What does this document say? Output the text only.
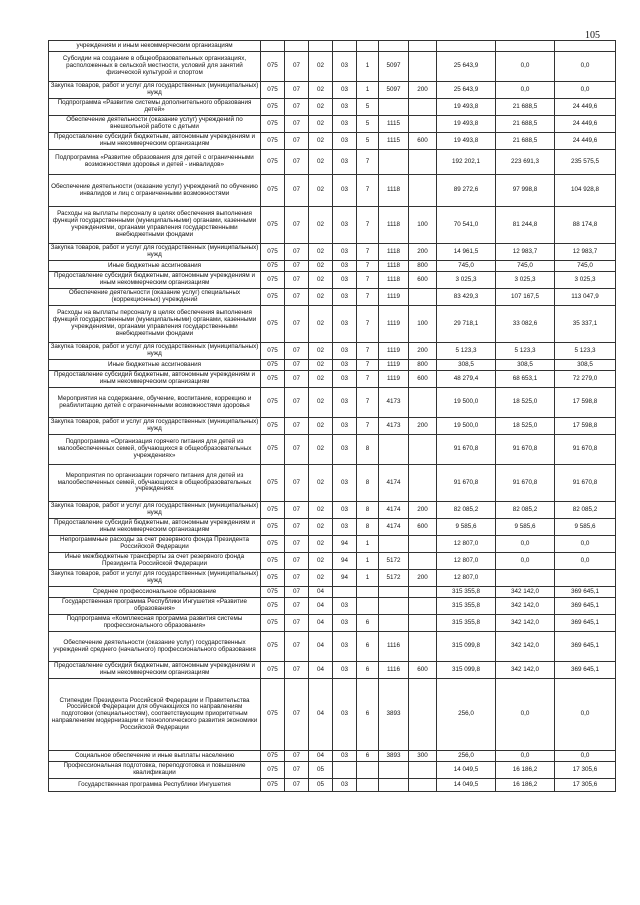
105
учреждениям и иным некоммерческим организациям										
Субсидии на создание в общеобразовательных организациях, расположенных в сельской местности, условий для занятий физической культурой и спортом	075	07	02	03	1	5097		25 643,9	0,0	0,0
Закупка товаров, работ и услуг для государственных (муниципальных) нужд	075	07	02	03	1	5097	200	25 643,9	0,0	0,0
Подпрограмма «Развитие системы дополнительного образования детей»	075	07	02	03	5			19 493,8	21 688,5	24 449,6
Обеспечение деятельности (оказание услуг) учреждений по внешкольной работе с детьми	075	07	02	03	5	1115		19 493,8	21 688,5	24 449,6
Предоставление субсидий бюджетным, автономным учреждениям и иным некоммерческим организациям	075	07	02	03	5	1115	600	19 493,8	21 688,5	24 449,6
Подпрограмма «Развитие образования для детей с ограниченными возможностями здоровья и детей - инвалидов»	075	07	02	03	7			192 202,1	223 691,3	235 575,5
Обеспечение деятельности (оказание услуг) учреждений по обучению инвалидов и лиц с ограниченными возможностями	075	07	02	03	7	1118		89 272,6	97 998,8	104 928,8
Расходы на выплаты персоналу в целях обеспечения выполнения функций государственными (муниципальными) органами, казенными учреждениями, органами управления государственными внебюджетными фондами	075	07	02	03	7	1118	100	70 541,0	81 244,8	88 174,8
Закупка товаров, работ и услуг для государственных (муниципальных) нужд	075	07	02	03	7	1118	200	14 961,5	12 983,7	12 983,7
Иные бюджетные ассигнования	075	07	02	03	7	1118	800	745,0	745,0	745,0
Предоставление субсидий бюджетным, автономным учреждениям и иным некоммерческим организациям	075	07	02	03	7	1118	600	3 025,3	3 025,3	3 025,3
Обеспечение деятельности (оказание услуг) специальных (коррекционных) учреждений	075	07	02	03	7	1119		83 429,3	107 167,5	113 047,9
Расходы на выплаты персоналу в целях обеспечения выполнения функций государственными (муниципальными) органами, казенными учреждениями, органами управления государственными внебюджетными фондами	075	07	02	03	7	1119	100	29 718,1	33 082,6	35 337,1
Закупка товаров, работ и услуг для государственных (муниципальных) нужд	075	07	02	03	7	1119	200	5 123,3	5 123,3	5 123,3
Иные бюджетные ассигнования	075	07	02	03	7	1119	800	308,5	308,5	308,5
Предоставление субсидий бюджетным, автономным учреждениям и иным некоммерческим организациям	075	07	02	03	7	1119	600	48 279,4	68 653,1	72 279,0
Мероприятия на содержание, обучение, воспитание, коррекцию и реабилитацию детей с ограниченными возможностями здоровья	075	07	02	03	7	4173		19 500,0	18 525,0	17 598,8
Закупка товаров, работ и услуг для государственных (муниципальных) нужд	075	07	02	03	7	4173	200	19 500,0	18 525,0	17 598,8
Подпрограмма «Организация горячего питания для детей из малообеспеченных семей, обучающихся в общеобразовательных учреждениях»	075	07	02	03	8			91 670,8	91 670,8	91 670,8
Мероприятия по организации горячего питания для детей из малообеспеченных семей, обучающихся в общеобразовательных учреждениях	075	07	02	03	8	4174		91 670,8	91 670,8	91 670,8
Закупка товаров, работ и услуг для государственных (муниципальных) нужд	075	07	02	03	8	4174	200	82 085,2	82 085,2	82 085,2
Предоставление субсидий бюджетным, автономным учреждениям и иным некоммерческим организациям	075	07	02	03	8	4174	600	9 585,6	9 585,6	9 585,6
Непрограммные расходы за счет резервного фонда Президента Российской Федерации	075	07	02	94	1			12 807,0	0,0	0,0
Иные межбюджетные трансферты за счет резервного фонда Президента Российской Федерации	075	07	02	94	1	5172		12 807,0	0,0	0,0
Закупка товаров, работ и услуг для государственных (муниципальных) нужд	075	07	02	94	1	5172	200	12 807,0		
Среднее профессиональное образование	075	07	04					315 355,8	342 142,0	369 645,1
Государственная программа Республики Ингушетия «Развитие образования»	075	07	04	03				315 355,8	342 142,0	369 645,1
Подпрограмма «Комплексная программа развития системы профессионального образования»	075	07	04	03	6			315 355,8	342 142,0	369 645,1
Обеспечение деятельности (оказание услуг) государственных учреждений среднего (начального) профессионального образования	075	07	04	03	6	1116		315 099,8	342 142,0	369 645,1
Предоставление субсидий бюджетным, автономным учреждениям и иным некоммерческим организациям	075	07	04	03	6	1116	600	315 099,8	342 142,0	369 645,1
Стипендии Президента Российской Федерации и Правительства Российской Федерации для обучающихся по направлениям подготовки (специальностям), соответствующим приоритетным направлениям модернизации и технологического развития экономики Российской Федерации	075	07	04	03	6	3893		256,0	0,0	0,0
Социальное обеспечение и иные выплаты населению	075	07	04	03	6	3893	300	256,0	0,0	0,0
Профессиональная подготовка, переподготовка и повышение квалификации	075	07	05					14 049,5	16 186,2	17 305,6
Государственная программа Республики Ингушетия	075	07	05	03				14 049,5	16 186,2	17 305,6
